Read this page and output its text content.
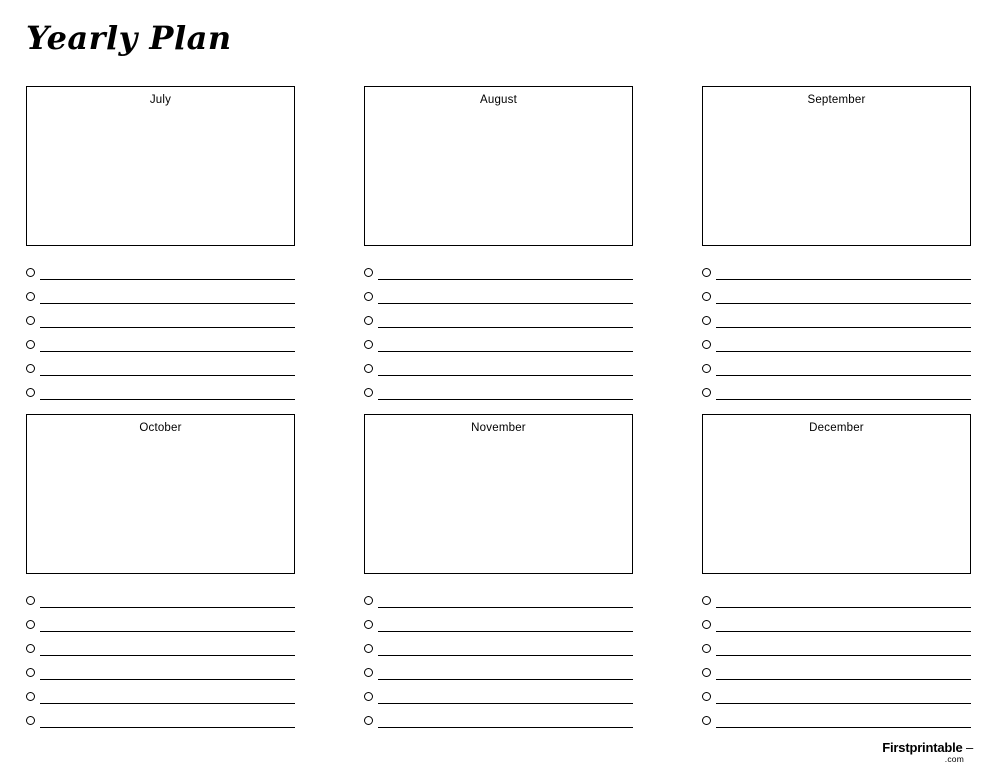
Yearly Plan
July	August	September
October	November	December
Firstprintable –
.com
